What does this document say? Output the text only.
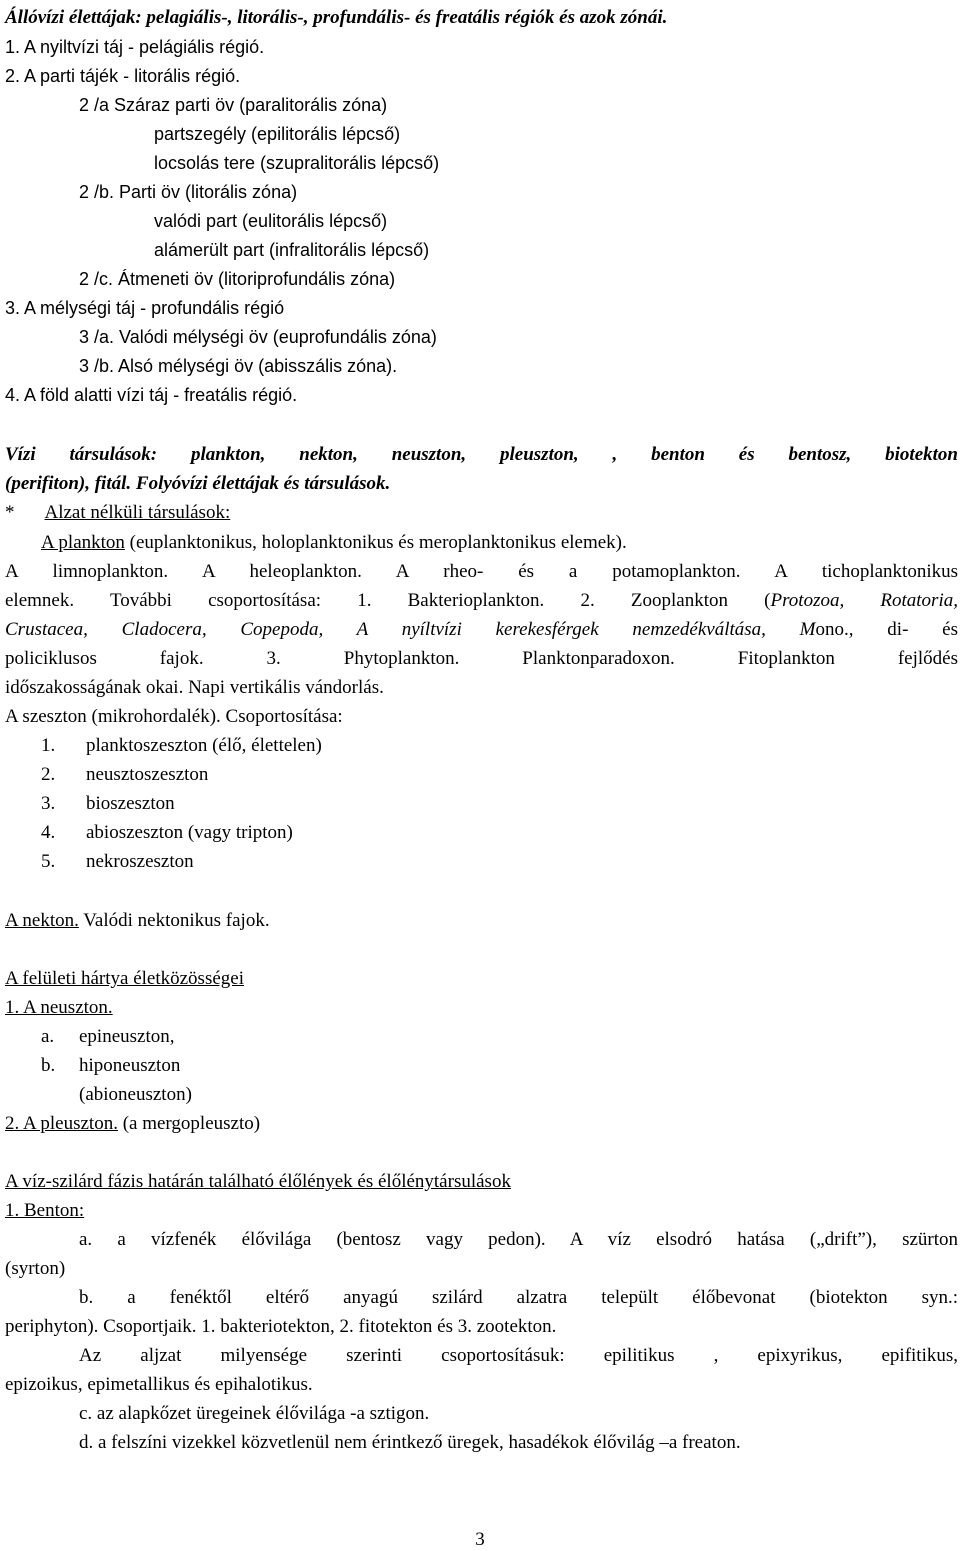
Állóvízi élettájak: pelagiális-, litorális-, profundális- és freatális régiók és azok zónái.
1. A nyiltvízi táj - pelágiális régió.
2. A parti tájék - litorális régió.
2 /a Száraz parti öv (paralitorális zóna)
partszegély (epilitorális lépcső)
locsolás tere (szupralitorális lépcső)
2 /b. Parti öv (litorális zóna)
valódi part (eulitorális lépcső)
alámerült part (infralitorális lépcső)
2 /c. Átmeneti öv (litoriprofundális zóna)
3. A mélységi táj - profundális régió
3 /a. Valódi mélységi öv (euprofundális zóna)
3 /b. Alsó mélységi öv (abisszális zóna).
4. A föld alatti vízi táj - freatális régió.
Vízi társulások: plankton, nekton, neuszton, pleuszton, , benton és bentosz, biotekton
(perifiton), fitál. Folyóvízi élettájak és társulások.
* Alzat nélküli társulások:
A plankton (euplanktonikus, holoplanktonikus és meroplanktonikus elemek).
A limnoplankton. A heleoplankton. A rheo- és a potamoplankton. A tichoplanktonikus
elemnek. További csoportosítása: 1. Bakterioplankton. 2. Zooplankton (Protozoa, Rotatoria,
Crustacea, Cladocera, Copepoda, A nyíltvízi kerekesférgek nemzedékváltása, Mono., di- és
policiklusos fajok. 3. Phytoplankton. Planktonparadoxon. Fitoplankton fejlődés
időszakosságának okai. Napi vertikális vándorlás.
A szeszton (mikrohordalék). Csoportosítása:
1. planktoszeszton (élő, élettelen)
2. neusztoszeszton
3. bioszeszton
4. abioszeszton (vagy tripton)
5. nekroszeszton
A nekton. Valódi nektonikus fajok.
A felületi hártya életközösségei
1. A neuszton.
a. epineuszton,
b. hiponeuszton
(abioneuszton)
2. A pleuszton. (a mergopleuszto)
A víz-szilárd fázis határán található élőlények és élőlénytársulások
1. Benton:
a. a vízfenék élővilága (bentosz vagy pedon). A víz elsodró hatása („drift”), szürton
(syrton)
b. a fenéktől eltérő anyagú szilárd alzatra települt élőbevonat (biotekton syn.:
periphyton). Csoportjaik. 1. bakteriotekton, 2. fitotekton és 3. zootekton.
Az aljzat milyensége szerinti csoportosításuk: epilitikus , epixyrikus, epifitikus,
epizoikus, epimetallikus és epihalotikus.
c. az alapkőzet üregeinek élővilága -a sztigon.
d. a felszíni vizekkel közvetlenül nem érintkező üregek, hasadékok élővilág –a freaton.
3
